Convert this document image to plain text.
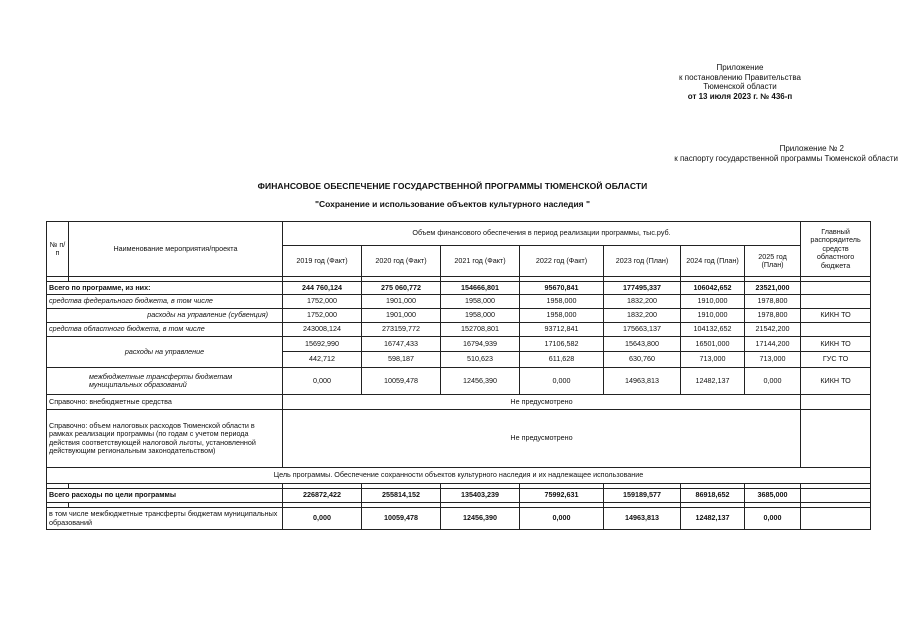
Приложение
к постановлению Правительства
Тюменской области
от 13 июля 2023 г. № 436-п
Приложение № 2
к паспорту государственной программы Тюменской области
ФИНАНСОВОЕ ОБЕСПЕЧЕНИЕ ГОСУДАРСТВЕННОЙ ПРОГРАММЫ ТЮМЕНСКОЙ ОБЛАСТИ
"Сохранение и использование объектов культурного наследия "
№ п/п	Наименование мероприятия/проекта	Объем финансового обеспечения в период реализации программы, тыс.руб.							Главный распорядитель средств областного бюджета
		2019 год (Факт)	2020 год (Факт)	2021 год (Факт)	2022 год (Факт)	2023 год (План)	2024 год (План)	2025 год (План)	

Всего по программе, из них:		244 760,124	275 060,772	154666,801	95670,841	177495,337	106042,652	23521,000	
средства федерального бюджета, в том числе		1752,000	1901,000	1958,000	1958,000	1832,200	1910,000	1978,800	
расходы на управление (субвенция)		1752,000	1901,000	1958,000	1958,000	1832,200	1910,000	1978,800	КИКН ТО
средства областного бюджета, в том числе		243008,124	273159,772	152708,801	93712,841	175663,137	104132,652	21542,200	
расходы на управление		15692,990	16747,433	16794,939	17106,582	15643,800	16501,000	17144,200	КИКН ТО
		442,712	598,187	510,623	611,628	630,760	713,000	713,000	ГУС ТО

межбюджетные трансферты бюджетам муниципальных образований		0,000	10059,478	12456,390	0,000	14963,813	12482,137	0,000	КИКН ТО
Справочно: внебюджетные средства		Не предусмотрено							
Справочно: объем налоговых расходов Тюменской области в рамках реализации программы (по годам с учетом периода действия соответствующей налоговой льготы, установленной действующим региональным законодательством)		Не предусмотрено							
Цель программы. Обеспечение сохранности объектов культурного наследия и их надлежащее использование									

Всего расходы по цели программы		226872,422	255814,152	135403,239	75992,631	159189,577	86918,652	3685,000	

в том числе межбюджетные трансферты бюджетам муниципальных образований		0,000	10059,478	12456,390	0,000	14963,813	12482,137	0,000	
